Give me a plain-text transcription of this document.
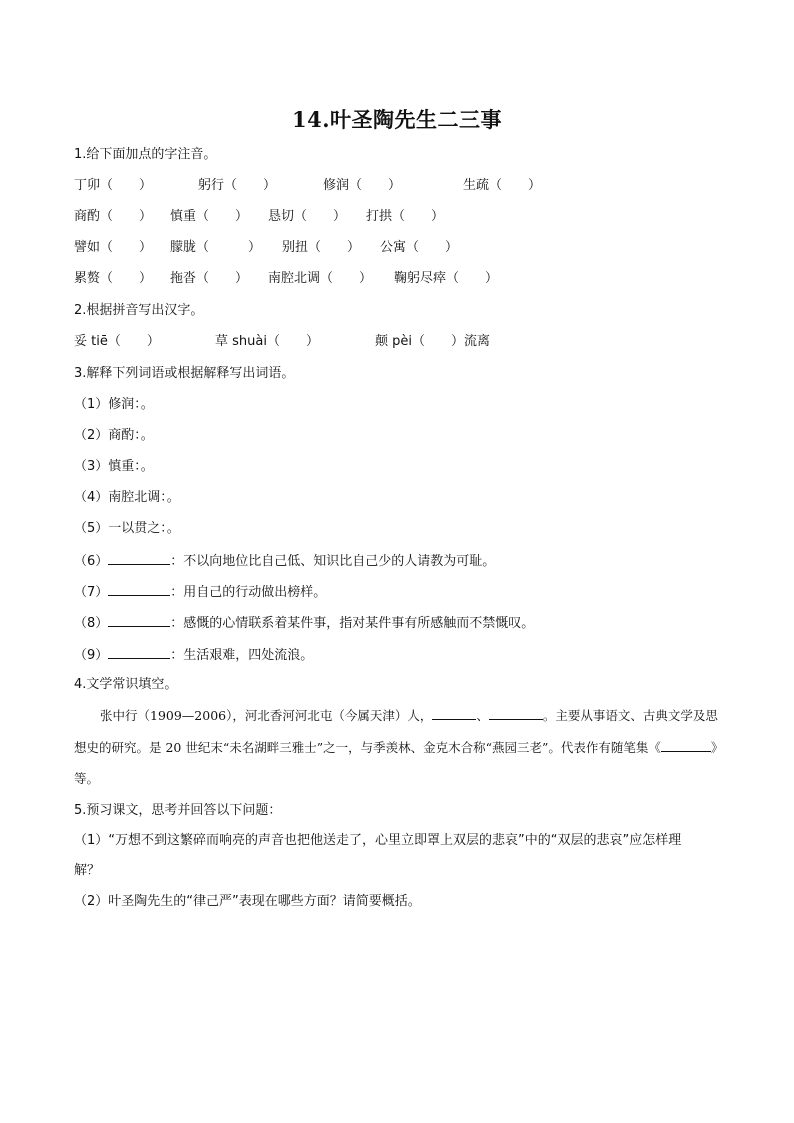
14.叶圣陶先生二三事
1.给下面加点的字注音。
丁卯（　　）	躬行（　　）	修润（　　）	生疏（　　）
商酌（　　） 慎重（　　） 恳切（　　） 打拱（　　）
譬如（　　） 朦胧（　　　） 别扭（　　） 公寓（　　）
累赘（　　） 拖沓（　　） 南腔北调（　　） 鞠躬尽瘁（　　）
2.根据拼音写出汉字。
妥 tiē（　　）	草 shuài（　　）	颠 pèi（　　）流离
3.解释下列词语或根据解释写出词语。
（1）修润：。
（2）商酌：。
（3）慎重：。
（4）南腔北调：。
（5）一以贯之：。
（6）	：不以向地位比自己低、知识比自己少的人请教为可耻。
（7）	：用自己的行动做出榜样。
（8）	：感慨的心情联系着某件事，指对某件事有所感触而不禁慨叹。
（9）	：生活艰难，四处流浪。
4.文学常识填空。
张中行（1909—2006），河北香河河北屯（今属天津）人，	、	。主要从事语文、古典文学及思想史的研究。是 20 世纪末“未名湖畔三雅士”之一，与季羡林、金克木合称“燕园三老”。代表作有随笔集《	》等。
5.预习课文，思考并回答以下问题：
（1）“万想不到这繁碎而响亮的声音也把他送走了，心里立即罩上双层的悲哀”中的“双层的悲哀”应怎样理
解？
（2）叶圣陶先生的“律己严”表现在哪些方面？请简要概括。
